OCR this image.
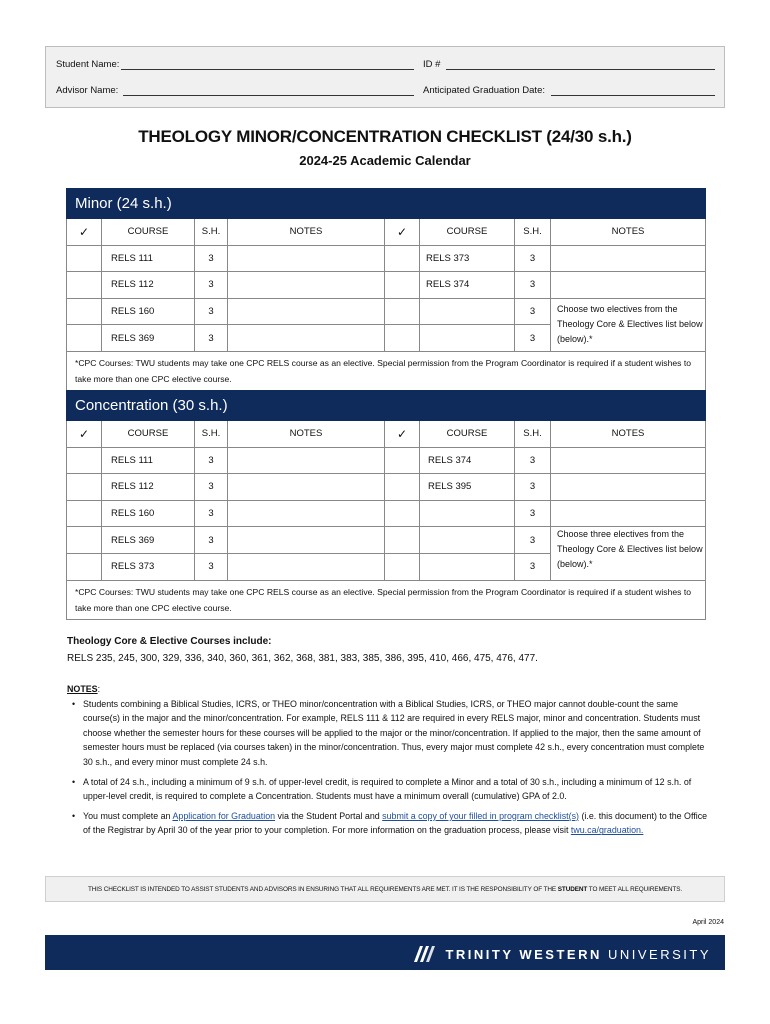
Student Name:	ID #
Advisor Name:	Anticipated Graduation Date:
THEOLOGY MINOR/CONCENTRATION CHECKLIST (24/30 s.h.)
2024-25 Academic Calendar
Minor (24 s.h.)							
✓	COURSE	S.H.	NOTES	✓	COURSE	S.H.	NOTES
	RELS 111	3			RELS 373	3	
	RELS 112	3			RELS 374	3	
	RELS 160	3				3	Choose two electives from the Theology Core & Electives list below (below).*
	RELS 369	3				3	
*CPC Courses: TWU students may take one CPC RELS course as an elective. Special permission from the Program Coordinator is required if a student wishes to take more than one CPC elective course.							
Concentration (30 s.h.)							
✓	COURSE	S.H.	NOTES	✓	COURSE	S.H.	NOTES
	RELS 111	3			RELS 374	3	
	RELS 112	3			RELS 395	3	
	RELS 160	3				3	
	RELS 369	3				3	Choose three electives from the Theology Core & Electives list below (below).*
	RELS 373	3				3	
*CPC Courses: TWU students may take one CPC RELS course as an elective. Special permission from the Program Coordinator is required if a student wishes to take more than one CPC elective course.							
Theology Core & Elective Courses include:
RELS 235, 245, 300, 329, 336, 340, 360, 361, 362, 368, 381, 383, 385, 386, 395, 410, 466, 475, 476, 477.
NOTES:
• Students combining a Biblical Studies, ICRS, or THEO minor/concentration with a Biblical Studies, ICRS, or THEO major cannot double-count the same course(s) in the major and the minor/concentration. For example, RELS 111 & 112 are required in every RELS major, minor and concentration. Students must choose whether the semester hours for these courses will be applied to the major or the minor/concentration. If applied to the major, then the same amount of semester hours must be replaced (via courses taken) in the minor/concentration. Thus, every major must complete 42 s.h., every concentration must complete 30 s.h., and every minor must complete 24 s.h.
• A total of 24 s.h., including a minimum of 9 s.h. of upper-level credit, is required to complete a Minor and a total of 30 s.h., including a minimum of 12 s.h. of upper-level credit, is required to complete a Concentration. Students must have a minimum overall (cumulative) GPA of 2.0.
• You must complete an Application for Graduation via the Student Portal and submit a copy of your filled in program checklist(s) (i.e. this document) to the Office of the Registrar by April 30 of the year prior to your completion. For more information on the graduation process, please visit twu.ca/graduation.
THIS CHECKLIST IS INTENDED TO ASSIST STUDENTS AND ADVISORS IN ENSURING THAT ALL REQUIREMENTS ARE MET. IT IS THE RESPONSIBILITY OF THE STUDENT TO MEET ALL REQUIREMENTS.
April 2024
TRINITY WESTERN UNIVERSITY
